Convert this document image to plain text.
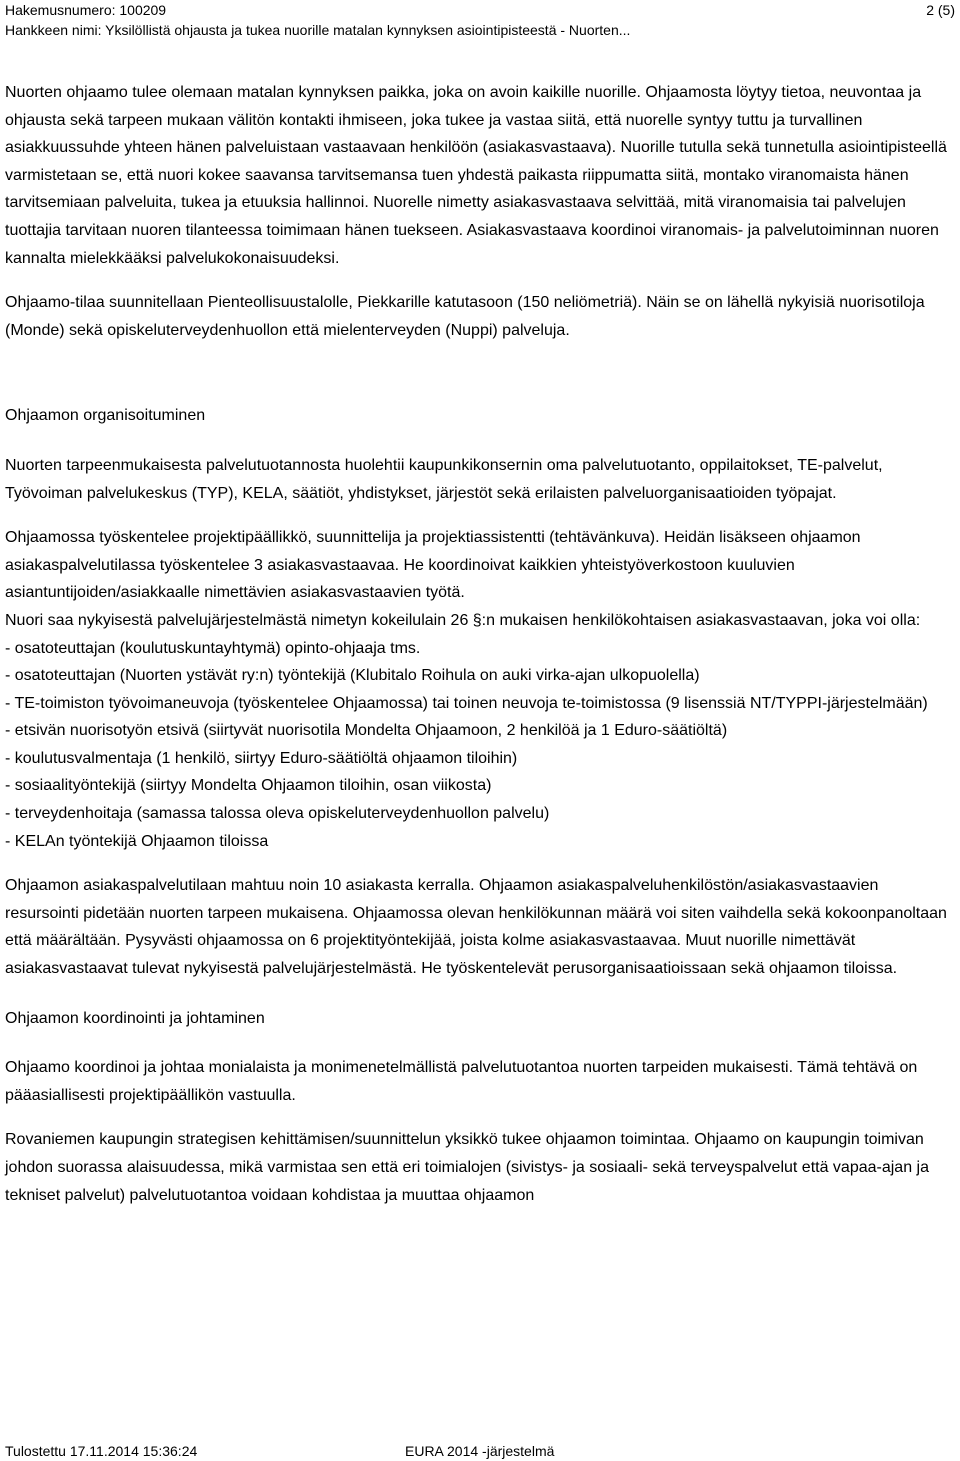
Hakemusnumero: 100209	2 (5)
Hankkeen nimi: Yksilöllistä ohjausta ja tukea nuorille matalan kynnyksen asiointipisteestä - Nuorten...

Nuorten ohjaamo tulee olemaan matalan kynnyksen paikka, joka on avoin kaikille nuorille. Ohjaamosta löytyy tietoa, neuvontaa ja ohjausta sekä tarpeen mukaan välitön kontakti ihmiseen, joka tukee ja vastaa siitä, että nuorelle syntyy tuttu ja turvallinen asiakkuussuhde yhteen hänen palveluistaan vastaavaan henkilöön (asiakasvastaava). Nuorille tutulla sekä tunnetulla asiointipisteellä varmistetaan se, että nuori kokee saavansa tarvitsemansa tuen yhdestä paikasta riippumatta siitä, montako viranomaista hänen tarvitsemiaan palveluita, tukea ja etuuksia hallinnoi. Nuorelle nimetty asiakasvastaava selvittää, mitä viranomaisia tai palvelujen tuottajia tarvitaan nuoren tilanteessa toimimaan hänen tuekseen. Asiakasvastaava koordinoi viranomais- ja palvelutoiminnan nuoren kannalta mielekkääksi palvelukokonaisuudeksi.

Ohjaamo-tilaa suunnitellaan Pienteollisuustalolle, Piekkarille katutasoon (150 neliömetriä). Näin se on lähellä nykyisiä nuorisotiloja (Monde) sekä opiskeluterveydenhuollon että mielenterveyden (Nuppi) palveluja.

Ohjaamon organisoituminen

Nuorten tarpeenmukaisesta palvelutuotannosta huolehtii kaupunkikonsernin oma palvelutuotanto, oppilaitokset, TE-palvelut, Työvoiman palvelukeskus (TYP), KELA, säätiöt, yhdistykset, järjestöt sekä erilaisten palveluorganisaatioiden työpajat.

Ohjaamossa työskentelee projektipäällikkö, suunnittelija ja projektiassistentti (tehtävänkuva). Heidän lisäkseen ohjaamon asiakaspalvelutilassa työskentelee 3 asiakasvastaavaa. He koordinoivat kaikkien yhteistyöverkostoon kuuluvien asiantuntijoiden/asiakkaalle nimettävien asiakasvastaavien työtä.

Nuori saa nykyisestä palvelujärjestelmästä nimetyn kokeilulain 26 §:n mukaisen henkilökohtaisen asiakasvastaavan, joka voi olla:

- osatoteuttajan (koulutuskuntayhtymä) opinto-ohjaaja tms.

- osatoteuttajan (Nuorten ystävät ry:n) työntekijä (Klubitalo Roihula on auki virka-ajan ulkopuolella)

- TE-toimiston työvoimaneuvoja (työskentelee Ohjaamossa) tai toinen neuvoja te-toimistossa (9 lisenssiä NT/TYPPI-järjestelmään)

- etsivän nuorisotyön etsivä (siirtyvät nuorisotila Mondelta Ohjaamoon, 2 henkilöä ja 1 Eduro-säätiöltä)

- koulutusvalmentaja (1 henkilö, siirtyy Eduro-säätiöltä ohjaamon tiloihin)

- sosiaalityöntekijä (siirtyy Mondelta Ohjaamon tiloihin, osan viikosta)

- terveydenhoitaja (samassa talossa oleva opiskeluterveydenhuollon palvelu)

- KELAn työntekijä Ohjaamon tiloissa

Ohjaamon asiakaspalvelutilaan mahtuu noin 10 asiakasta kerralla. Ohjaamon asiakaspalveluhenkilöstön/asiakasvastaavien resursointi pidetään nuorten tarpeen mukaisena. Ohjaamossa olevan henkilökunnan määrä voi siten vaihdella sekä kokoonpanoltaan että määrältään. Pysyvästi ohjaamossa on 6 projektityöntekijää, joista kolme asiakasvastaavaa. Muut nuorille nimettävät asiakasvastaavat tulevat nykyisestä palvelujärjestelmästä. He työskentelevät perusorganisaatioissaan sekä ohjaamon tiloissa.

Ohjaamon koordinointi ja johtaminen

Ohjaamo koordinoi ja johtaa monialaista ja monimenetelmällistä palvelutuotantoa nuorten tarpeiden mukaisesti. Tämä tehtävä on pääasiallisesti projektipäällikön vastuulla.

Rovaniemen kaupungin strategisen kehittämisen/suunnittelun yksikkö tukee ohjaamon toimintaa. Ohjaamo on kaupungin toimivan johdon suorassa alaisuudessa, mikä varmistaa sen että eri toimialojen (sivistys- ja sosiaali- sekä terveyspalvelut että vapaa-ajan ja tekniset palvelut) palvelutuotantoa voidaan kohdistaa ja muuttaa ohjaamon

Tulostettu 17.11.2014 15:36:24	EURA 2014 -järjestelmä
